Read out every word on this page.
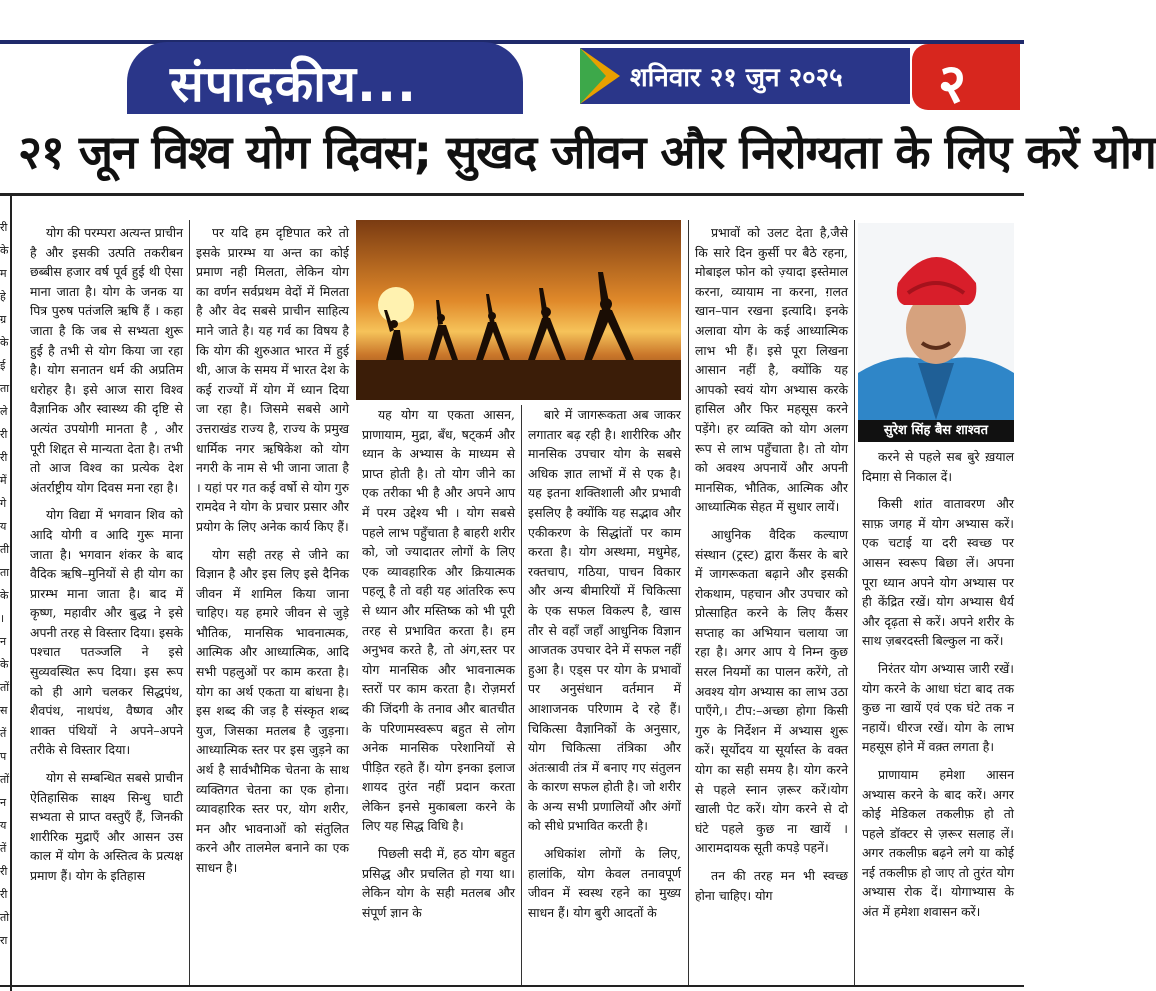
संपादकीय...	शनिवार २१ जुन २०२५ २
२१ जून विश्व योग दिवस; सुखद जीवन और निरोग्यता के लिए करें योग
री
के
म
हे
ग्र
के
ई
ता
ले
री
री
में
गे
य
ती
ता
के
।
न
के
तों
स
तें
प
तों
न
य
तें
री
री
तो
रा

योग की परम्परा अत्यन्त प्राचीन है और इसकी उत्पति तकरीबन छब्बीस हजार वर्ष पूर्व हुई थी ऐसा माना जाता है। योग के जनक या पित्र पुरुष पतंजलि ऋषि हैं । कहा जाता है कि जब से सभ्यता शुरू हुई है तभी से योग किया जा रहा है। योग सनातन धर्म की अप्रतिम धरोहर है। इसे आज सारा विश्व वैज्ञानिक और स्वास्थ्य की दृष्टि से अत्यंत उपयोगी मानता है , और पूरी शिद्दत से मान्यता देता है। तभी तो आज विश्व का प्रत्येक देश अंतर्राष्ट्रीय योग दिवस मना रहा है।

योग विद्या में भगवान शिव को आदि योगी व आदि गुरू माना जाता है। भगवान शंकर के बाद वैदिक ऋषि–मुनियों से ही योग का प्रारम्भ माना जाता है। बाद में कृष्ण, महावीर और बुद्ध ने इसे अपनी तरह से विस्तार दिया। इसके पश्चात पतञ्जलि ने इसे सुव्यवस्थित रूप दिया। इस रूप को ही आगे चलकर सिद्धपंथ, शैवपंथ, नाथपंथ, वैष्णव और शाक्त पंथियों ने अपने–अपने तरीके से विस्तार दिया।

योग से सम्बन्धित सबसे प्राचीन ऐतिहासिक साक्ष्य सिन्धु घाटी सभ्यता से प्राप्त वस्तुएँ हैं, जिनकी शारीरिक मुद्राएँ और आसन उस काल में योग के अस्तित्व के प्रत्यक्ष प्रमाण हैं। योग के इतिहास

पर यदि हम दृष्टिपात करे तो इसके प्रारम्भ या अन्त का कोई प्रमाण नही मिलता, लेकिन योग का वर्णन सर्वप्रथम वेदों में मिलता है और वेद सबसे प्राचीन साहित्य माने जाते है। यह गर्व का विषय है कि योग की शुरुआत भारत में हुई थी, आज के समय में भारत देश के कई राज्यों में योग में ध्यान दिया जा रहा है। जिसमे सबसे आगे उत्तराखंड राज्य है, राज्य के प्रमुख धार्मिक नगर ऋषिकेश को योग नगरी के नाम से भी जाना जाता है । यहां पर गत कई वर्षो से योग गुरु रामदेव ने योग के प्रचार प्रसार और प्रयोग के लिए अनेक कार्य किए हैं।

योग सही तरह से जीने का विज्ञान है और इस लिए इसे दैनिक जीवन में शामिल किया जाना चाहिए। यह हमारे जीवन से जुड़े भौतिक, मानसिक भावनात्मक, आत्मिक और आध्यात्मिक, आदि सभी पहलुओं पर काम करता है। योग का अर्थ एकता या बांधना है। इस शब्द की जड़ है संस्कृत शब्द युज, जिसका मतलब है जुड़ना। आध्यात्मिक स्तर पर इस जुड़ने का अर्थ है सार्वभौमिक चेतना के साथ व्यक्तिगत चेतना का एक होना। व्यावहारिक स्तर पर, योग शरीर, मन और भावनाओं को संतुलित करने और तालमेल बनाने का एक साधन है।

यह योग या एकता आसन, प्राणायाम, मुद्रा, बँध, षट्कर्म और ध्यान के अभ्यास के माध्यम से प्राप्त होती है। तो योग जीने का एक तरीका भी है और अपने आप में परम उद्देश्य भी । योग सबसे पहले लाभ पहुँचाता है बाहरी शरीर को, जो ज्यादातर लोगों के लिए एक व्यावहारिक और क्रियात्मक पहलू है तो वही यह आंतरिक रूप से ध्यान और मस्तिष्क को भी पूरी तरह से प्रभावित करता है। हम अनुभव करते है, तो अंग,स्तर पर योग मानसिक और भावनात्मक स्तरों पर काम करता है। रोज़मर्रा की जिंदगी के तनाव और बातचीत के परिणामस्वरूप बहुत से लोग अनेक मानसिक परेशानियों से पीड़ित रहते हैं। योग इनका इलाज शायद तुरंत नहीं प्रदान करता लेकिन इनसे मुकाबला करने के लिए यह सिद्ध विधि है।

पिछली सदी में, हठ योग बहुत प्रसिद्ध और प्रचलित हो गया था। लेकिन योग के सही मतलब और संपूर्ण ज्ञान के

बारे में जागरूकता अब जाकर लगातार बढ़ रही है। शारीरिक और मानसिक उपचार योग के सबसे अधिक ज्ञात लाभों में से एक है। यह इतना शक्तिशाली और प्रभावी इसलिए है क्योंकि यह सद्भाव और एकीकरण के सिद्धांतों पर काम करता है। योग अस्थमा, मधुमेह, रक्तचाप, गठिया, पाचन विकार और अन्य बीमारियों में चिकित्सा के एक सफल विकल्प है, खास तौर से वहाँ जहाँ आधुनिक विज्ञान आजतक उपचार देने में सफल नहीं हुआ है। एड्स पर योग के प्रभावों पर अनुसंधान वर्तमान में आशाजनक परिणाम दे रहे हैं। चिकित्सा वैज्ञानिकों के अनुसार, योग चिकित्सा तंत्रिका और अंतःस्रावी तंत्र में बनाए गए संतुलन के कारण सफल होती है। जो शरीर के अन्य सभी प्रणालियों और अंगों को सीधे प्रभावित करती है।

अधिकांश लोगों के लिए, हालांकि, योग केवल तनावपूर्ण जीवन में स्वस्थ रहने का मुख्य साधन हैं। योग बुरी आदतों के

प्रभावों को उलट देता है,जैसे कि सारे दिन कुर्सी पर बैठे रहना, मोबाइल फोन को ज़्यादा इस्तेमाल करना, व्यायाम ना करना, ग़लत खान–पान रखना इत्यादि। इनके अलावा योग के कई आध्यात्मिक लाभ भी हैं। इसे पूरा लिखना आसान नहीं है, क्योंकि यह आपको स्वयं योग अभ्यास करके हासिल और फिर महसूस करने पड़ेंगे। हर व्यक्ति को योग अलग रूप से लाभ पहुँचाता है। तो योग को अवश्य अपनायें और अपनी मानसिक, भौतिक, आत्मिक और आध्यात्मिक सेहत में सुधार लायें।

आधुनिक वैदिक कल्याण संस्थान (ट्रस्ट) द्वारा कैंसर के बारे में जागरूकता बढ़ाने और इसकी रोकथाम, पहचान और उपचार को प्रोत्साहित करने के लिए कैंसर सप्ताह का अभियान चलाया जा रहा है। अगर आप ये निम्न कुछ सरल नियमों का पालन करेंगे, तो अवश्य योग अभ्यास का लाभ उठा पाएँगे,। टीप:–अच्छा होगा किसी गुरु के निर्देशन में अभ्यास शुरू करें। सूर्योदय या सूर्यास्त के वक्त योग का सही समय है। योग करने से पहले स्नान ज़रूर करें।योग खाली पेट करें। योग करने से दो घंटे पहले कुछ ना खायें । आरामदायक सूती कपड़े पहनें।

तन की तरह मन भी स्वच्छ होना चाहिए। योग

सुरेश सिंह बैस शाश्वत

करने से पहले सब बुरे ख़याल दिमाग़ से निकाल दें।

किसी शांत वातावरण और साफ़ जगह में योग अभ्यास करें। एक चटाई या दरी स्वच्छ पर आसन स्वरूप बिछा लें। अपना पूरा ध्यान अपने योग अभ्यास पर ही केंद्रित रखें। योग अभ्यास धैर्य और दृढ़ता से करें। अपने शरीर के साथ ज़बरदस्ती बिल्कुल ना करें।

निरंतर योग अभ्यास जारी रखें। योग करने के आधा घंटा बाद तक कुछ ना खायें एवं एक घंटे तक न नहायें। धीरज रखें। योग के लाभ महसूस होने में वक़्त लगता है।

प्राणायाम हमेशा आसन अभ्यास करने के बाद करें। अगर कोई मेडिकल तकलीफ़ हो तो पहले डॉक्टर से ज़रूर सलाह लें। अगर तकलीफ़ बढ़ने लगे या कोई नई तकलीफ़ हो जाए तो तुरंत योग अभ्यास रोक दें। योगाभ्यास के अंत में हमेशा शवासन करें।
